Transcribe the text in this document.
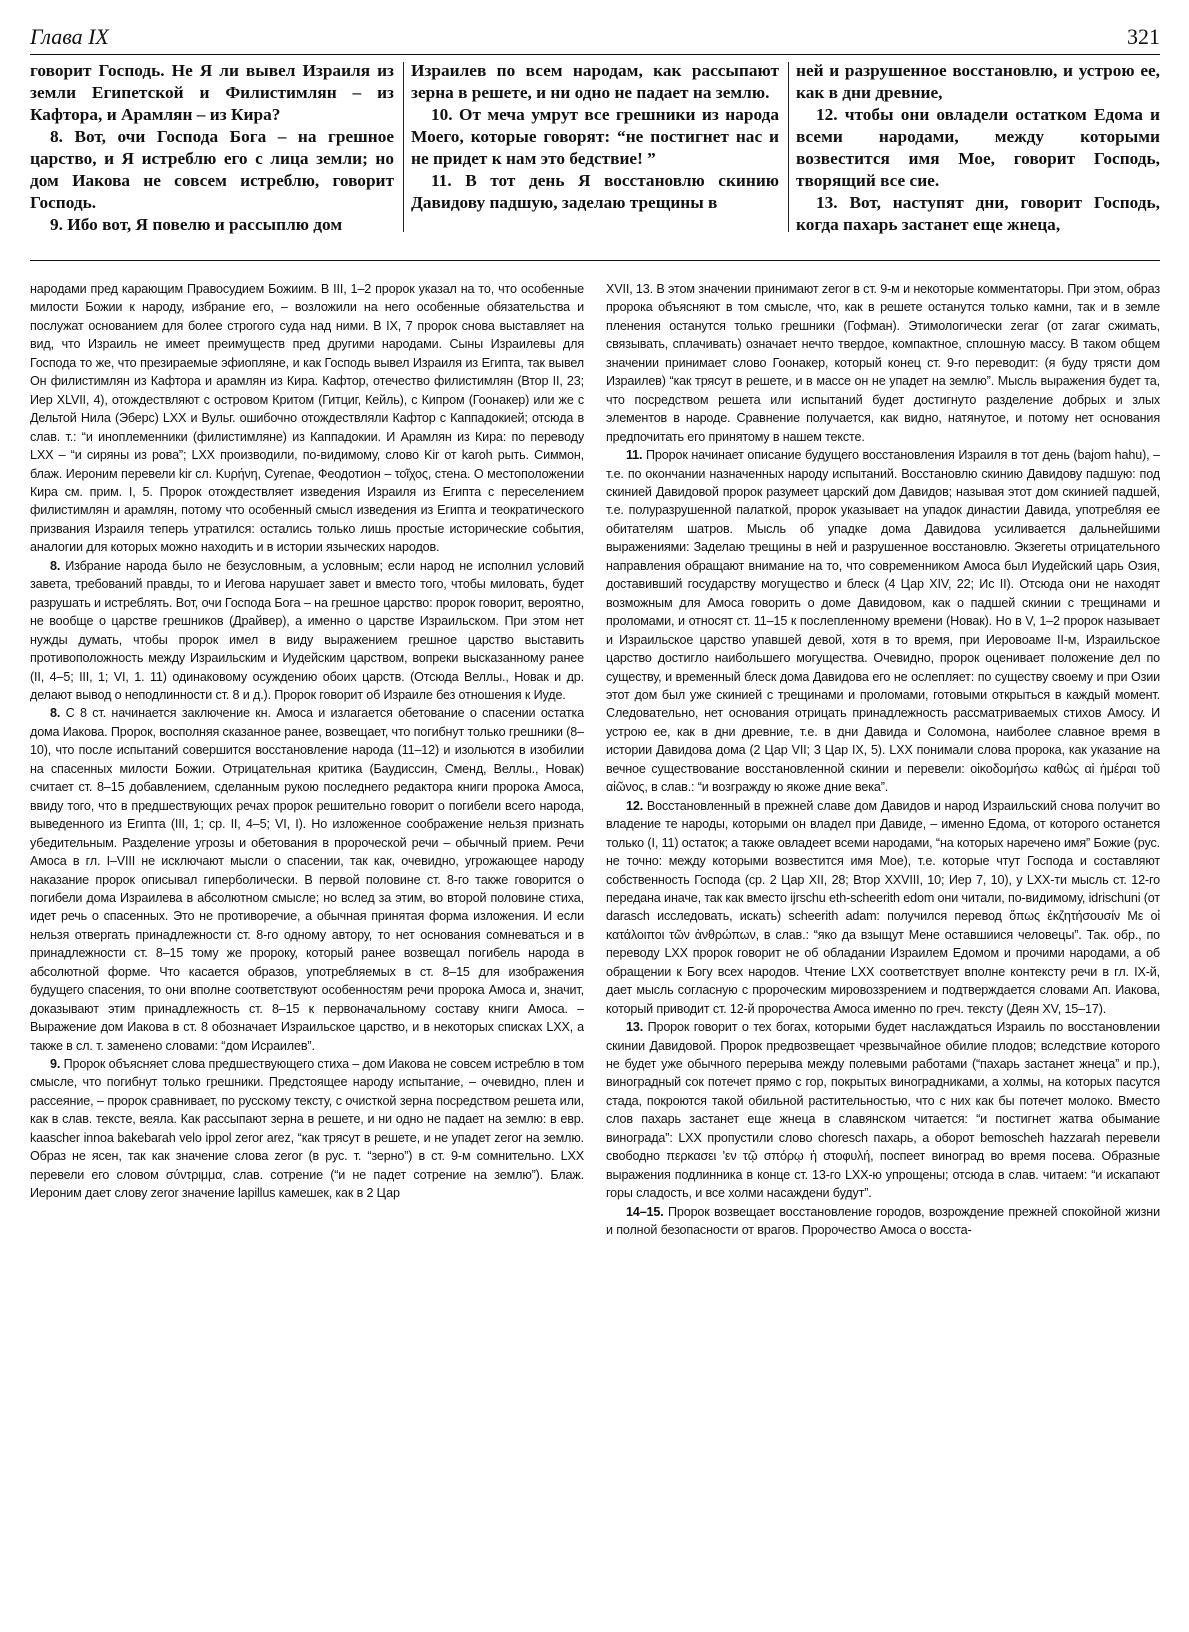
Глава IX	321

говорит Господь. Не Я ли вывел Израиля из земли Египетской и Филистимлян – из Кафтора, и Арамлян – из Кира?

8. Вот, очи Господа Бога – на грешное царство, и Я истреблю его с лица земли; но дом Иакова не совсем истреблю, говорит Господь.

9. Ибо вот, Я повелю и рассыплю дом

Израилев по всем народам, как рассыпают зерна в решете, и ни одно не падает на землю.

10. От меча умрут все грешники из народа Моего, которые говорят: “не постигнет нас и не придет к нам это бедствие! ”

11. В тот день Я восстановлю скинию Давидову падшую, заделаю трещины в

ней и разрушенное восстановлю, и устрою ее, как в дни древние,

12. чтобы они овладели остатком Едома и всеми народами, между которыми возвестится имя Мое, говорит Господь, творящий все сие.

13. Вот, наступят дни, говорит Господь, когда пахарь застанет еще жнеца,

народами пред карающим Правосудием Божиим. В III, 1–2 пророк указал на то, что особенные милости Божии к народу, избрание его, – возложили на него особенные обязательства и послужат основанием для более строгого суда над ними. В IX, 7 пророк снова выставляет на вид, что Израиль не имеет преимуществ пред другими народами. Сыны Израилевы для Господа то же, что презираемые эфиопляне, и как Господь вывел Израиля из Египта, так вывел Он филистимлян из Кафтора и арамлян из Кира. Кафтор, отечество филистимлян (Втор II, 23; Иер XLVII, 4), отождествляют с островом Критом (Гитциг, Кейль), с Кипром (Гоонакер) или же с Дельтой Нила (Эберс) LXX и Вульг. ошибочно отождествляли Кафтор с Каппадокией; отсюда в слав. т.: “и иноплеменники (филистимляне) из Каппадокии. И Арамлян из Кира: по переводу LXX – “и сиряны из рова”; LXX производили, по-видимому, слово Kir от karoh рыть. Симмон, блаж. Иероним перевели kir сл. Κυρήνη, Cyrenae, Феодотион – τοῖχος, стена. О местоположении Кира см. прим. I, 5. Пророк отождествляет изведения Израиля из Египта с переселением филистимлян и арамлян, потому что особенный смысл изведения из Египта и теократического призвания Израиля теперь утратился: остались только лишь простые исторические события, аналогии для которых можно находить и в истории языческих народов.

8. Избрание народа было не безусловным, а условным; если народ не исполнил условий завета, требований правды, то и Иегова нарушает завет и вместо того, чтобы миловать, будет разрушать и истреблять. Вот, очи Господа Бога – на грешное царство: пророк говорит, вероятно, не вообще о царстве грешников (Драйвер), а именно о царстве Израильском. При этом нет нужды думать, чтобы пророк имел в виду выражением грешное царство выставить противоположность между Израильским и Иудейским царством, вопреки высказанному ранее (II, 4–5; III, 1; VI, 1. 11) одинаковому осуждению обоих царств. (Отсюда Веллы., Новак и др. делают вывод о неподлинности ст. 8 и д.). Пророк говорит об Израиле без отношения к Иуде.

8. С 8 ст. начинается заключение кн. Амоса и излагается обетование о спасении остатка дома Иакова. Пророк, восполняя сказанное ранее, возвещает, что погибнут только грешники (8–10), что после испытаний совершится восстановление народа (11–12) и изольются в изобилии на спасенных милости Божии. Отрицательная критика (Баудиссин, Сменд, Веллы., Новак) считает ст. 8–15 добавлением, сделанным рукою последнего редактора книги пророка Амоса, ввиду того, что в предшествующих речах пророк решительно говорит о погибели всего народа, выведенного из Египта (III, 1; ср. II, 4–5; VI, I). Но изложенное соображение нельзя признать убедительным. Разделение угрозы и обетования в пророческой речи – обычный прием. Речи Амоса в гл. I–VIII не исключают мысли о спасении, так как, очевидно, угрожающее народу наказание пророк описывал гиперболически. В первой половине ст. 8-го также говорится о погибели дома Израилева в абсолютном смысле; но вслед за этим, во второй половине стиха, идет речь о спасенных. Это не противоречие, а обычная принятая форма изложения. И если нельзя отвергать принадлежности ст. 8-го одному автору, то нет основания сомневаться и в принадлежности ст. 8–15 тому же пророку, который ранее возвещал погибель народа в абсолютной форме. Что касается образов, употребляемых в ст. 8–15 для изображения будущего спасения, то они вполне соответствуют особенностям речи пророка Амоса и, значит, доказывают этим принадлежность ст. 8–15 к первоначальному составу книги Амоса. – Выражение дом Иакова в ст. 8 обозначает Израильское царство, и в некоторых списках LXX, а также в сл. т. заменено словами: “дом Исраилев”.

9. Пророк объясняет слова предшествующего стиха – дом Иакова не совсем истреблю в том смысле, что погибнут только грешники. Предстоящее народу испытание, – очевидно, плен и рассеяние, – пророк сравнивает, по русскому тексту, с очисткой зерна посредством решета или, как в слав. тексте, веяла. Как рассыпают зерна в решете, и ни одно не падает на землю: в евр. kaascher innoa bakebarah velo ippol zeror arez, “как трясут в решете, и не упадет zeror на землю. Образ не ясен, так как значение слова zeror (в рус. т. “зерно”) в ст. 9-м сомнительно. LXX перевели его словом σύντριμμα, слав. сотрение (“и не падет сотрение на землю”). Блаж. Иероним дает слову zeror значение lapillus камешек, как в 2 Цар

XVII, 13. В этом значении принимают zeror в ст. 9-м и некоторые комментаторы. При этом, образ пророка объясняют в том смысле, что, как в решете останутся только камни, так и в земле пленения останутся только грешники (Гофман). Этимологически zerar (от zarar сжимать, связывать, сплачивать) означает нечто твердое, компактное, сплошную массу. В таком общем значении принимает слово Гоонакер, который конец ст. 9-го переводит: (я буду трясти дом Израилев) “как трясут в решете, и в массе он не упадет на землю”. Мысль выражения будет та, что посредством решета или испытаний будет достигнуто разделение добрых и злых элементов в народе. Сравнение получается, как видно, натянутое, и потому нет основания предпочитать его принятому в нашем тексте.

11. Пророк начинает описание будущего восстановления Израиля в тот день (bajom hahu), – т.е. по окончании назначенных народу испытаний. Восстановлю скинию Давидову падшую: под скинией Давидовой пророк разумеет царский дом Давидов; называя этот дом скинией падшей, т.е. полуразрушенной палаткой, пророк указывает на упадок династии Давида, употребляя ее обитателям шатров. Мысль об упадке дома Давидова усиливается дальнейшими выражениями: Заделаю трещины в ней и разрушенное восстановлю. Экзегеты отрицательного направления обращают внимание на то, что современником Амоса был Иудейский царь Озия, доставивший государству могущество и блеск (4 Цар XIV, 22; Ис II). Отсюда они не находят возможным для Амоса говорить о доме Давидовом, как о падшей скинии с трещинами и проломами, и относят ст. 11–15 к послепленному времени (Новак). Но в V, 1–2 пророк называет и Израильское царство упавшей девой, хотя в то время, при Иеровоаме II-м, Израильское царство достигло наибольшего могущества. Очевидно, пророк оценивает положение дел по существу, и временный блеск дома Давидова его не ослепляет: по существу своему и при Озии этот дом был уже скинией с трещинами и проломами, готовыми открыться в каждый момент. Следовательно, нет основания отрицать принадлежность рассматриваемых стихов Амосу. И устрою ее, как в дни древние, т.е. в дни Давида и Соломона, наиболее славное время в истории Давидова дома (2 Цар VII; 3 Цар IX, 5). LXX понимали слова пророка, как указание на вечное существование восстановленной скинии и перевели: οἰκοδομήσω καθὼς αἱ ἡμέραι τοῦ αἰῶνος, в слав.: “и возгражду ю якоже дние века”.

12. Восстановленный в прежней славе дом Давидов и народ Израильский снова получит во владение те народы, которыми он владел при Давиде, – именно Едома, от которого останется только (I, 11) остаток; а также овладеет всеми народами, “на которых наречено имя” Божие (рус. не точно: между которыми возвестится имя Мое), т.е. которые чтут Господа и составляют собственность Господа (ср. 2 Цар XII, 28; Втор XXVIII, 10; Иер 7, 10), у LXX-ти мысль ст. 12-го передана иначе, так как вместо ijrschu eth-scheerith edom они читали, по-видимому, idrischuni (от darasch исследовать, искать) scheerith adam: получился перевод ὅπως ἐκζητήσουσίν Με οἱ κατάλοιποι τῶν ἀνθρώπων, в слав.: “яко да взыщут Мене оставшиися человецы”. Так. обр., по переводу LXX пророк говорит не об обладании Израилем Едомом и прочими народами, а об обращении к Богу всех народов. Чтение LXX соответствует вполне контексту речи в гл. IX-й, дает мысль согласную с пророческим мировоззрением и подтверждается словами Ап. Иакова, который приводит ст. 12-й пророчества Амоса именно по греч. тексту (Деян XV, 15–17).

13. Пророк говорит о тех богах, которыми будет наслаждаться Израиль по восстановлении скинии Давидовой. Пророк предвозвещает чрезвычайное обилие плодов; вследствие которого не будет уже обычного перерыва между полевыми работами (“пахарь застанет жнеца” и пр.), виноградный сок потечет прямо с гор, покрытых виноградниками, а холмы, на которых пасутся стада, покроются такой обильной растительностью, что с них как бы потечет молоко. Вместо слов пахарь застанет еще жнеца в славянском читается: “и постигнет жатва обымание винограда”: LXX пропустили слово choresch пахарь, а оборот bemoscheh hazzarah перевели свободно περκασει 'εν τῷ σπόρῳ ἡ στοφυλή, поспеет виноград во время посева. Образные выражения подлинника в конце ст. 13-го LXX-ю упрощены; отсюда в слав. читаем: “и искапают горы сладость, и все холми насаждени будут”.

14–15. Пророк возвещает восстановление городов, возрождение прежней спокойной жизни и полной безопасности от врагов. Пророчество Амоса о восста-
